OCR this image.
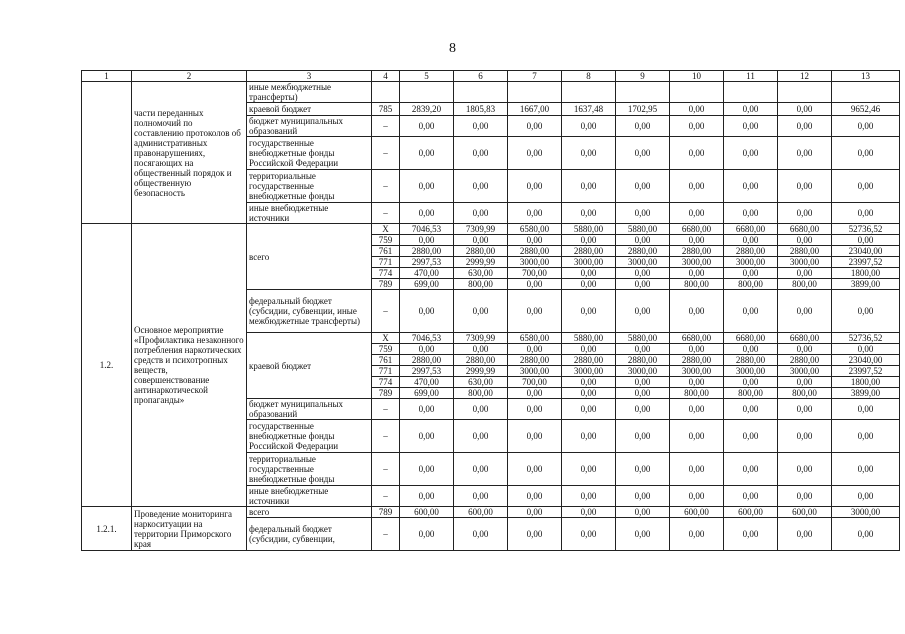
8
1	2	3	4	5	6	7	8	9	10	11	12	13
	части переданных полномочий по составлению протоколов об административных правонарушениях, посягающих на общественный порядок и общественную безопасность	иные межбюджетные трансферты)										
		краевой бюджет	785	2839,20	1805,83	1667,00	1637,48	1702,95	0,00	0,00	0,00	9652,46
		бюджет муниципальных образований	–	0,00	0,00	0,00	0,00	0,00	0,00	0,00	0,00	0,00
		государственные внебюджетные фонды Российской Федерации	–	0,00	0,00	0,00	0,00	0,00	0,00	0,00	0,00	0,00
		территориальные государственные внебюджетные фонды	–	0,00	0,00	0,00	0,00	0,00	0,00	0,00	0,00	0,00
		иные внебюджетные источники	–	0,00	0,00	0,00	0,00	0,00	0,00	0,00	0,00	0,00
1.2.	Основное мероприятие «Профилактика незаконного потребления наркотических средств и психотропных веществ, совершенствование антинаркотической пропаганды»	всего	X	7046,53	7309,99	6580,00	5880,00	5880,00	6680,00	6680,00	6680,00	52736,52
			759	0,00	0,00	0,00	0,00	0,00	0,00	0,00	0,00	0,00
			761	2880,00	2880,00	2880,00	2880,00	2880,00	2880,00	2880,00	2880,00	23040,00
			771	2997,53	2999,99	3000,00	3000,00	3000,00	3000,00	3000,00	3000,00	23997,52
			774	470,00	630,00	700,00	0,00	0,00	0,00	0,00	0,00	1800,00
			789	699,00	800,00	0,00	0,00	0,00	800,00	800,00	800,00	3899,00
		федеральный бюджет (субсидии, субвенции, иные межбюджетные трансферты)	–	0,00	0,00	0,00	0,00	0,00	0,00	0,00	0,00	0,00
		краевой бюджет	X	7046,53	7309,99	6580,00	5880,00	5880,00	6680,00	6680,00	6680,00	52736,52
			759	0,00	0,00	0,00	0,00	0,00	0,00	0,00	0,00	0,00
			761	2880,00	2880,00	2880,00	2880,00	2880,00	2880,00	2880,00	2880,00	23040,00
			771	2997,53	2999,99	3000,00	3000,00	3000,00	3000,00	3000,00	3000,00	23997,52
			774	470,00	630,00	700,00	0,00	0,00	0,00	0,00	0,00	1800,00
			789	699,00	800,00	0,00	0,00	0,00	800,00	800,00	800,00	3899,00
		бюджет муниципальных образований	–	0,00	0,00	0,00	0,00	0,00	0,00	0,00	0,00	0,00
		государственные внебюджетные фонды Российской Федерации	–	0,00	0,00	0,00	0,00	0,00	0,00	0,00	0,00	0,00
		территориальные государственные внебюджетные фонды	–	0,00	0,00	0,00	0,00	0,00	0,00	0,00	0,00	0,00
		иные внебюджетные источники	–	0,00	0,00	0,00	0,00	0,00	0,00	0,00	0,00	0,00
1.2.1.	Проведение мониторинга наркоситуации на территории Приморского края	всего	789	600,00	600,00	0,00	0,00	0,00	600,00	600,00	600,00	3000,00
		федеральный бюджет (субсидии, субвенции,	–	0,00	0,00	0,00	0,00	0,00	0,00	0,00	0,00	0,00
